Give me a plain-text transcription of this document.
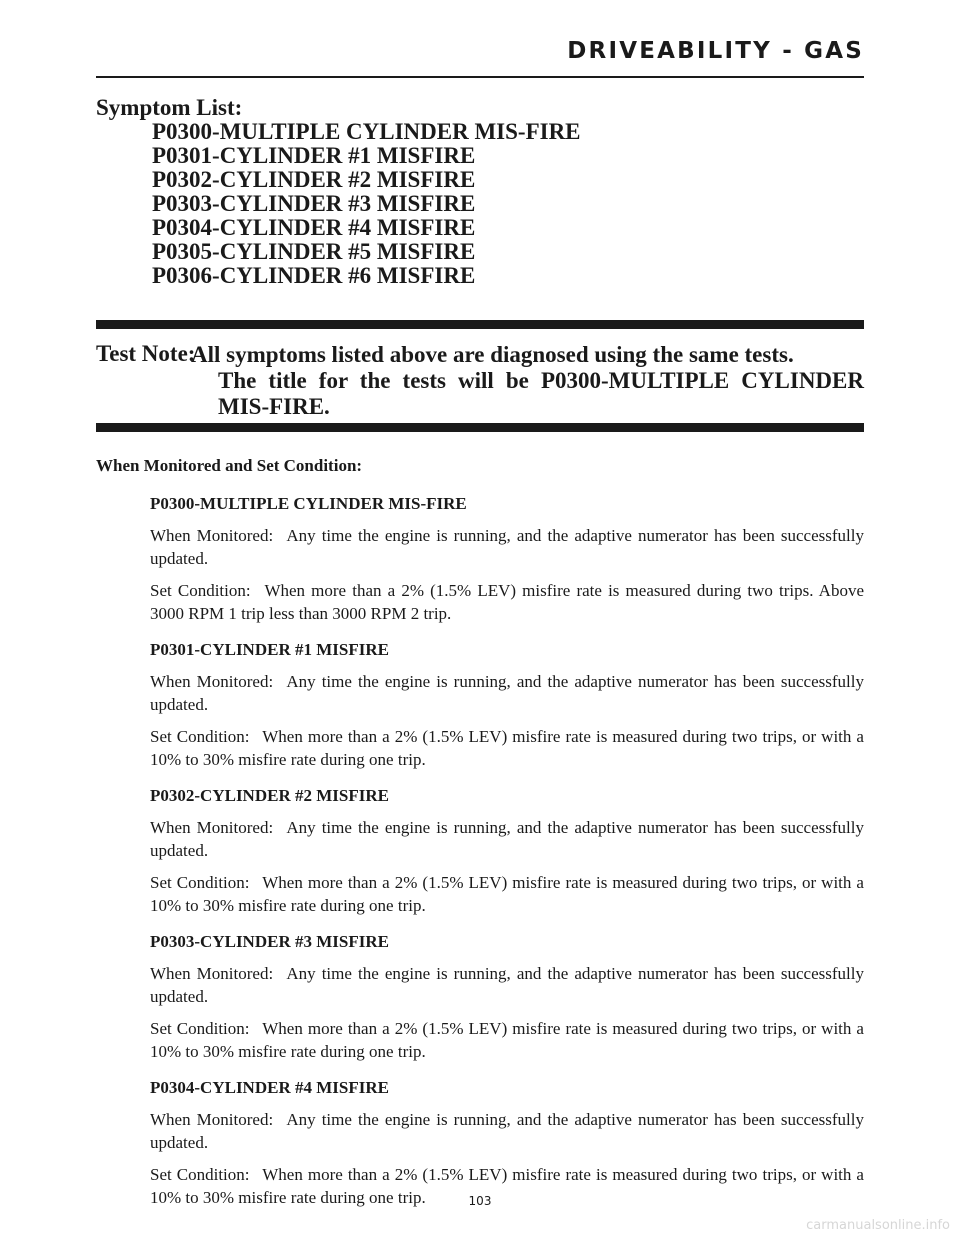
DRIVEABILITY - GAS
Symptom List:
P0300-MULTIPLE CYLINDER MIS-FIRE
P0301-CYLINDER #1 MISFIRE
P0302-CYLINDER #2 MISFIRE
P0303-CYLINDER #3 MISFIRE
P0304-CYLINDER #4 MISFIRE
P0305-CYLINDER #5 MISFIRE
P0306-CYLINDER #6 MISFIRE
Test Note:
All symptoms listed above are diagnosed using the same tests.
The title for the tests will be P0300-MULTIPLE CYLINDER MIS-FIRE.
When Monitored and Set Condition:

P0300-MULTIPLE CYLINDER MIS-FIRE

When Monitored: Any time the engine is running, and the adaptive numerator has been successfully updated.

Set Condition: When more than a 2% (1.5% LEV) misfire rate is measured during two trips. Above 3000 RPM 1 trip less than 3000 RPM 2 trip.

P0301-CYLINDER #1 MISFIRE

When Monitored: Any time the engine is running, and the adaptive numerator has been successfully updated.

Set Condition: When more than a 2% (1.5% LEV) misfire rate is measured during two trips, or with a 10% to 30% misfire rate during one trip.

P0302-CYLINDER #2 MISFIRE

When Monitored: Any time the engine is running, and the adaptive numerator has been successfully updated.

Set Condition: When more than a 2% (1.5% LEV) misfire rate is measured during two trips, or with a 10% to 30% misfire rate during one trip.

P0303-CYLINDER #3 MISFIRE

When Monitored: Any time the engine is running, and the adaptive numerator has been successfully updated.

Set Condition: When more than a 2% (1.5% LEV) misfire rate is measured during two trips, or with a 10% to 30% misfire rate during one trip.

P0304-CYLINDER #4 MISFIRE

When Monitored: Any time the engine is running, and the adaptive numerator has been successfully updated.

Set Condition: When more than a 2% (1.5% LEV) misfire rate is measured during two trips, or with a 10% to 30% misfire rate during one trip.	103
carmanualsonline.info
